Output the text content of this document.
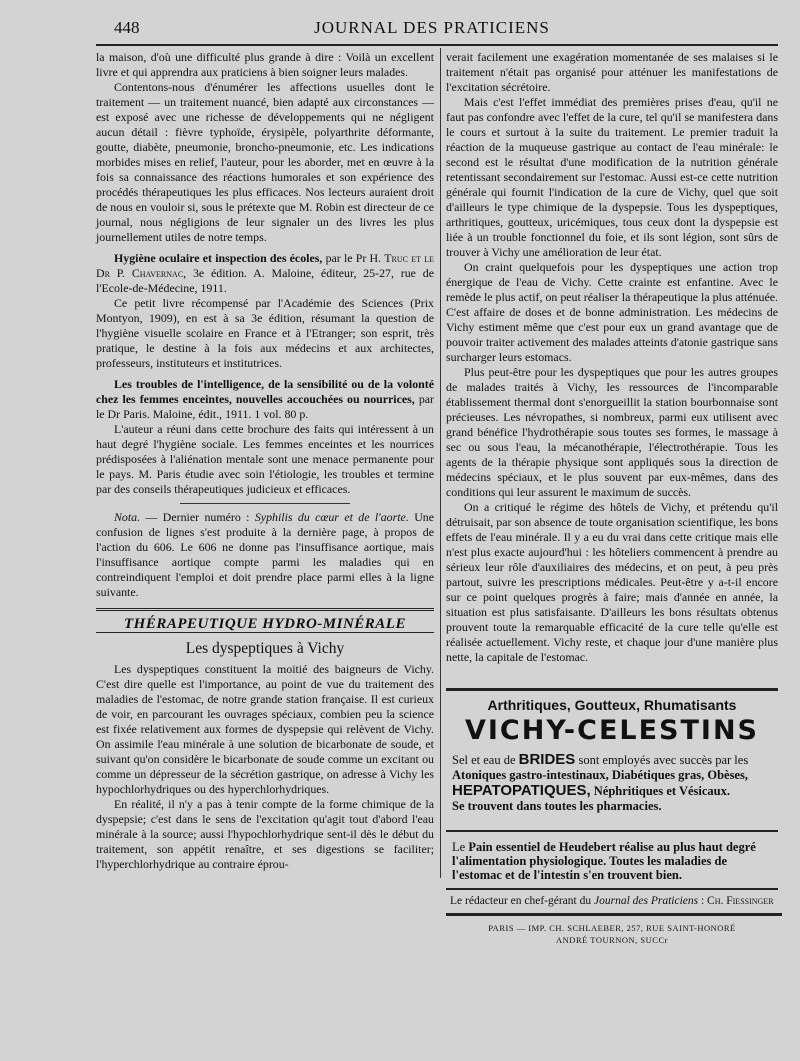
448	JOURNAL DES PRATICIENS

la maison, d'où une difficulté plus grande à dire : Voilà un excellent livre et qui apprendra aux praticiens à bien soigner leurs malades.

Contentons-nous d'énumérer les affections usuelles dont le traitement — un traitement nuancé, bien adapté aux circonstances — est exposé avec une richesse de développements qui ne négligent aucun détail : fièvre typhoïde, érysipèle, polyarthrite déformante, goutte, diabète, pneumonie, broncho-pneumonie, etc. Les indications morbides mises en relief, l'auteur, pour les aborder, met en œuvre à la fois sa connaissance des réactions humorales et son expérience des procédés thérapeutiques les plus efficaces. Nos lecteurs auraient droit de nous en vouloir si, sous le prétexte que M. Robin est directeur de ce journal, nous négligions de leur signaler un des livres les plus journellement utiles de notre temps.

Hygiène oculaire et inspection des écoles, par le Pr H. Truc et le Dr P. Chavernac, 3e édition. A. Maloine, éditeur, 25-27, rue de l'Ecole-de-Médecine, 1911.

Ce petit livre récompensé par l'Académie des Sciences (Prix Montyon, 1909), en est à sa 3e édition, résumant la question de l'hygiène visuelle scolaire en France et à l'Etranger; son esprit, très pratique, le destine à la fois aux médecins et aux architectes, professeurs, instituteurs et institutrices.

Les troubles de l'intelligence, de la sensibilité ou de la volonté chez les femmes enceintes, nouvelles accouchées ou nourrices, par le Dr Paris. Maloine, édit., 1911. 1 vol. 80 p.

L'auteur a réuni dans cette brochure des faits qui intéressent à un haut degré l'hygiène sociale. Les femmes enceintes et les nourrices prédisposées à l'aliénation mentale sont une menace permanente pour le pays. M. Paris étudie avec soin l'étiologie, les troubles et termine par des conseils thérapeutiques judicieux et efficaces.

Nota. — Dernier numéro : Syphilis du cœur et de l'aorte. Une confusion de lignes s'est produite à la dernière page, à propos de l'action du 606. Le 606 ne donne pas l'insuffisance aortique, mais l'insuffisance aortique compte parmi les maladies qui en contreindiquent l'emploi et doit prendre place parmi elles à la ligne suivante.

THÉRAPEUTIQUE HYDRO-MINÉRALE
Les dyspeptiques à Vichy

Les dyspeptiques constituent la moitié des baigneurs de Vichy. C'est dire quelle est l'importance, au point de vue du traitement des maladies de l'estomac, de notre grande station française. Il est curieux de voir, en parcourant les ouvrages spéciaux, combien peu la science est fixée relativement aux formes de dyspepsie qui relèvent de Vichy. On assimile l'eau minérale à une solution de bicarbonate de soude, et suivant qu'on considère le bicarbonate de soude comme un excitant ou comme un dépresseur de la sécrétion gastrique, on adresse à Vichy les hypochlorhydriques ou des hyperchlorhydriques.

En réalité, il n'y a pas à tenir compte de la forme chimique de la dyspepsie; c'est dans le sens de l'excitation qu'agit tout d'abord l'eau minérale à la source; aussi l'hypochlorhydrique sent-il dès le début du traitement, son appétit renaître, et ses digestions se faciliter; l'hyperchlorhydrique au contraire éprou-

verait facilement une exagération momentanée de ses malaises si le traitement n'était pas organisé pour atténuer les manifestations de l'excitation sécrétoire.

Mais c'est l'effet immédiat des premières prises d'eau, qu'il ne faut pas confondre avec l'effet de la cure, tel qu'il se manifestera dans le cours et surtout à la suite du traitement. Le premier traduit la réaction de la muqueuse gastrique au contact de l'eau minérale: le second est le résultat d'une modification de la nutrition générale retentissant secondairement sur l'estomac. Aussi est-ce cette nutrition générale qui fournit l'indication de la cure de Vichy, quel que soit d'ailleurs le type chimique de la dyspepsie. Tous les dyspeptiques, arthritiques, goutteux, uricémiques, tous ceux dont la dyspepsie est liée à un trouble fonctionnel du foie, et ils sont légion, sont sûrs de trouver à Vichy une amélioration de leur état.

On craint quelquefois pour les dyspeptiques une action trop énergique de l'eau de Vichy. Cette crainte est enfantine. Avec le remède le plus actif, on peut réaliser la thérapeutique la plus atténuée. C'est affaire de doses et de bonne administration. Les médecins de Vichy estiment même que c'est pour eux un grand avantage que de pouvoir traiter activement des malades atteints d'atonie gastrique sans surcharger leurs estomacs.

Plus peut-être pour les dyspeptiques que pour les autres groupes de malades traités à Vichy, les ressources de l'incomparable établissement thermal dont s'enorgueillit la station bourbonnaise sont précieuses. Les névropathes, si nombreux, parmi eux utilisent avec grand bénéfice l'hydrothérapie sous toutes ses formes, le massage à sec ou sous l'eau, la mécanothérapie, l'électrothérapie. Tous les agents de la thérapie physique sont appliqués sous la direction de médecins spéciaux, et le plus souvent par eux-mêmes, dans des conditions qui leur assurent le maximum de succès.

On a critiqué le régime des hôtels de Vichy, et prétendu qu'il détruisait, par son absence de toute organisation scientifique, les bons effets de l'eau minérale. Il y a eu du vrai dans cette critique mais elle n'est plus exacte aujourd'hui : les hôteliers commencent à prendre au sérieux leur rôle d'auxiliaires des médecins, et on peut, à peu près partout, suivre les prescriptions médicales. Peut-être y a-t-il encore sur ce point quelques progrès à faire; mais d'année en année, la situation est plus satisfaisante. D'ailleurs les bons résultats obtenus prouvent toute la remarquable efficacité de la cure telle qu'elle est réalisée actuellement. Vichy reste, et chaque jour d'une manière plus nette, la capitale de l'estomac.

Arthritiques, Goutteux, Rhumatisants
VICHY-CELESTINS
Sel et eau de BRIDES sont employés avec succès par les
Atoniques gastro-intestinaux, Diabétiques gras, Obèses,
HEPATOPATIQUES, Néphritiques et Vésicaux.
Se trouvent dans toutes les pharmacies.
Le Pain essentiel de Heudebert réalise au plus haut degré l'alimentation physiologique. Toutes les maladies de l'estomac et de l'intestin s'en trouvent bien.
Le rédacteur en chef-gérant du Journal des Praticiens : Ch. Fiessinger
PARIS — IMP. CH. SCHLAEBER, 257, RUE SAINT-HONORÉ
ANDRÉ TOURNON, SUCCr
